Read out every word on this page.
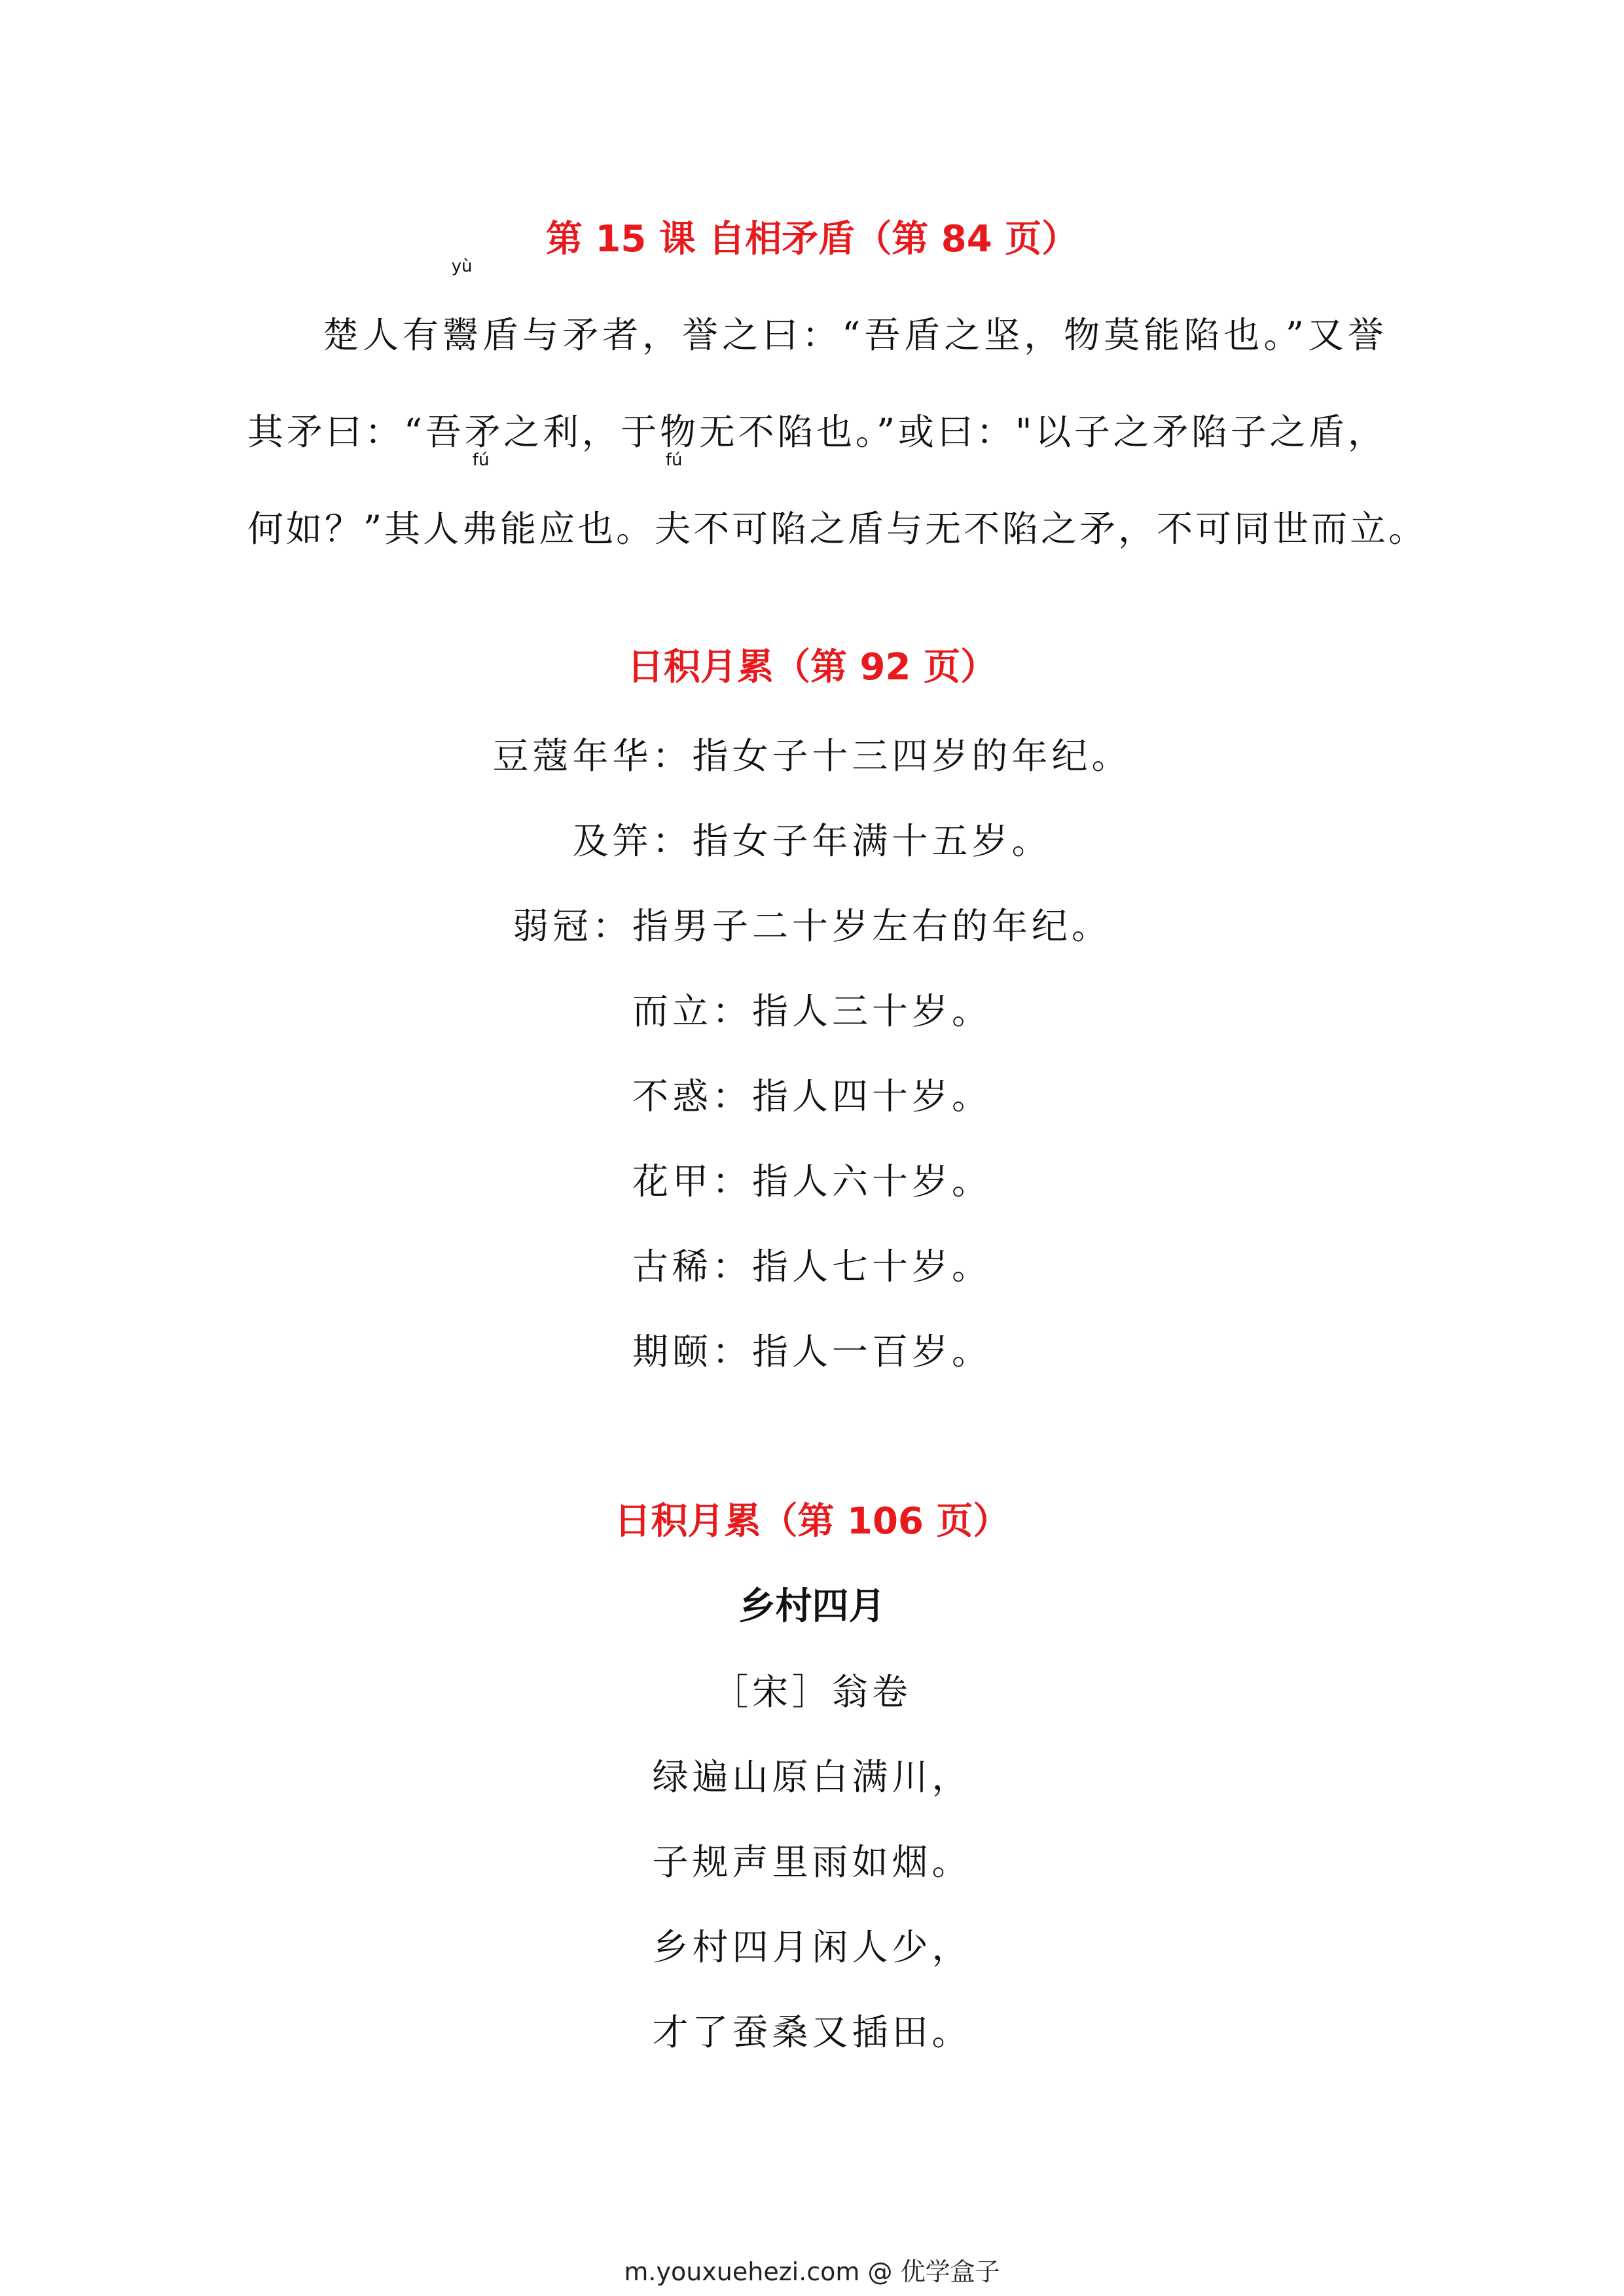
第 15 课 自相矛盾（第 84 页）
楚人有
yù
鬻盾与矛者，誉之曰：“吾盾之坚，物莫能陷也。”又誉
其矛曰：“吾矛之利，于物无不陷也。”或曰："以子之矛陷子之盾，
何如？”其人
fú
弗能应也。
fú
夫不可陷之盾与无不陷之矛，不可同世而立。
日积月累（第 92 页）
豆蔻年华：指女子十三四岁的年纪。
及笄：指女子年满十五岁。
弱冠：指男子二十岁左右的年纪。
而立：指人三十岁。
不惑：指人四十岁。
花甲：指人六十岁。
古稀：指人七十岁。
期颐：指人一百岁。
日积月累（第 106 页）
乡村四月
［宋］翁卷
绿遍山原白满川，
子规声里雨如烟。
乡村四月闲人少，
才了蚕桑又插田。
m.youxuehezi.com @ 优学盒子
